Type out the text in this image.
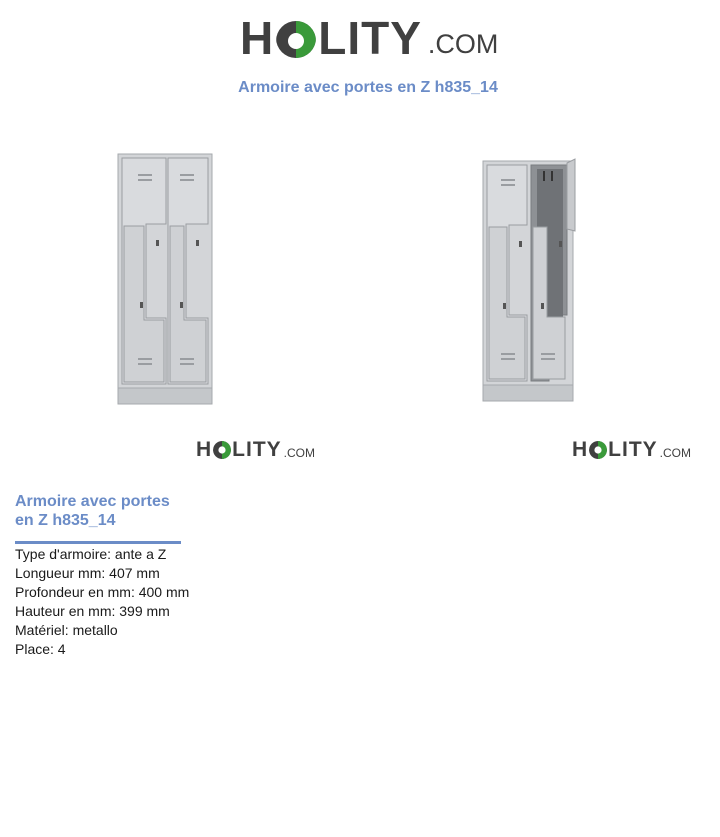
H LITY .COM
Armoire avec portes en Z h835_14
H LITY .COM	H LITY .COM
Armoire avec portes en Z h835_14
Type d'armoire: ante a Z
Longueur mm: 407 mm
Profondeur en mm: 400 mm
Hauteur en mm: 399 mm
Matériel: metallo
Place: 4
